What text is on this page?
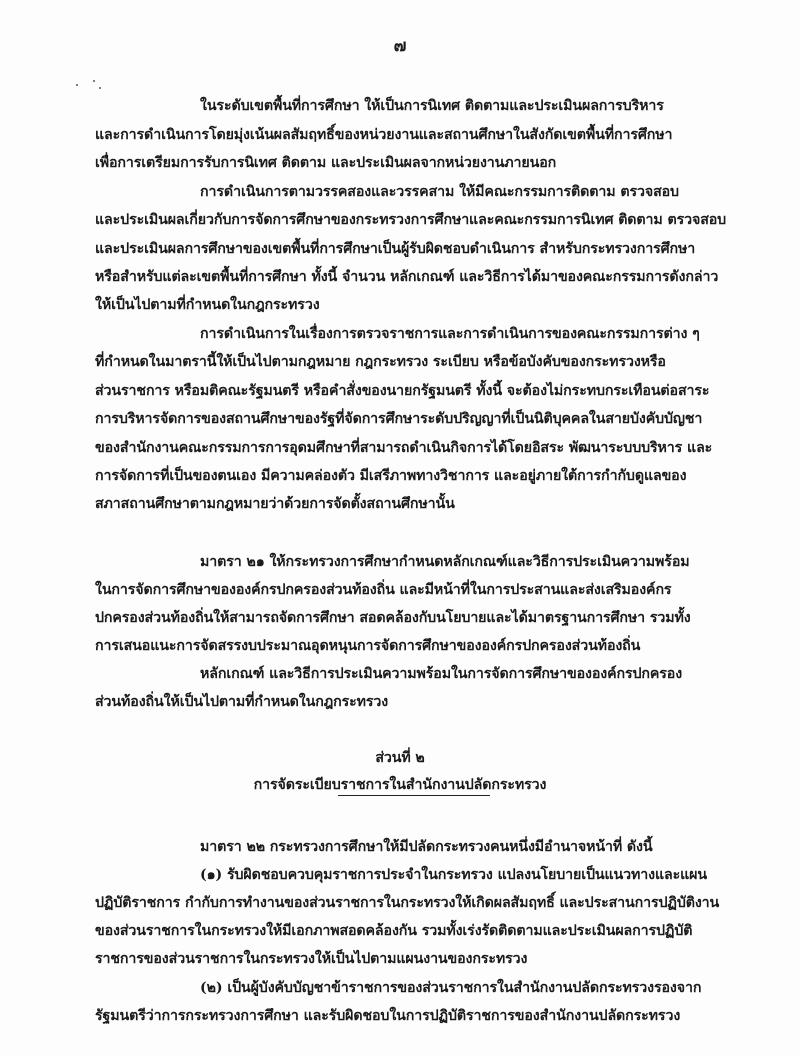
๗
ในระดับเขตพื้นที่การศึกษา ให้เป็นการนิเทศ ติดตามและประเมินผลการบริหาร
และการดำเนินการโดยมุ่งเน้นผลสัมฤทธิ์ของหน่วยงานและสถานศึกษาในสังกัดเขตพื้นที่การศึกษา
เพื่อการเตรียมการรับการนิเทศ ติดตาม และประเมินผลจากหน่วยงานภายนอก
การดำเนินการตามวรรคสองและวรรคสาม ให้มีคณะกรรมการติดตาม ตรวจสอบ
และประเมินผลเกี่ยวกับการจัดการศึกษาของกระทรวงการศึกษาและคณะกรรมการนิเทศ ติดตาม ตรวจสอบ
และประเมินผลการศึกษาของเขตพื้นที่การศึกษาเป็นผู้รับผิดชอบดำเนินการ สำหรับกระทรวงการศึกษา
หรือสำหรับแต่ละเขตพื้นที่การศึกษา ทั้งนี้ จำนวน หลักเกณฑ์ และวิธีการได้มาของคณะกรรมการดังกล่าว
ให้เป็นไปตามที่กำหนดในกฎกระทรวง
การดำเนินการในเรื่องการตรวจราชการและการดำเนินการของคณะกรรมการต่าง ๆ
ที่กำหนดในมาตรานี้ให้เป็นไปตามกฎหมาย กฎกระทรวง ระเบียบ หรือข้อบังคับของกระทรวงหรือ
ส่วนราชการ หรือมติคณะรัฐมนตรี หรือคำสั่งของนายกรัฐมนตรี ทั้งนี้ จะต้องไม่กระทบกระเทือนต่อสาระ
การบริหารจัดการของสถานศึกษาของรัฐที่จัดการศึกษาระดับปริญญาที่เป็นนิติบุคคลในสายบังคับบัญชา
ของสำนักงานคณะกรรมการการอุดมศึกษาที่สามารถดำเนินกิจการได้โดยอิสระ พัฒนาระบบบริหาร และ
การจัดการที่เป็นของตนเอง มีความคล่องตัว มีเสรีภาพทางวิชาการ และอยู่ภายใต้การกำกับดูแลของ
สภาสถานศึกษาตามกฎหมายว่าด้วยการจัดตั้งสถานศึกษานั้น
มาตรา ๒๑ ให้กระทรวงการศึกษากำหนดหลักเกณฑ์และวิธีการประเมินความพร้อม
ในการจัดการศึกษาขององค์กรปกครองส่วนท้องถิ่น และมีหน้าที่ในการประสานและส่งเสริมองค์กร
ปกครองส่วนท้องถิ่นให้สามารถจัดการศึกษา สอดคล้องกับนโยบายและได้มาตรฐานการศึกษา รวมทั้ง
การเสนอแนะการจัดสรรงบประมาณอุดหนุนการจัดการศึกษาขององค์กรปกครองส่วนท้องถิ่น
หลักเกณฑ์ และวิธีการประเมินความพร้อมในการจัดการศึกษาขององค์กรปกครอง
ส่วนท้องถิ่นให้เป็นไปตามที่กำหนดในกฎกระทรวง
ส่วนที่ ๒
การจัดระเบียบราชการในสำนักงานปลัดกระทรวง
มาตรา ๒๒ กระทรวงการศึกษาให้มีปลัดกระทรวงคนหนึ่งมีอำนาจหน้าที่ ดังนี้
(๑) รับผิดชอบควบคุมราชการประจำในกระทรวง แปลงนโยบายเป็นแนวทางและแผน
ปฏิบัติราชการ กำกับการทำงานของส่วนราชการในกระทรวงให้เกิดผลสัมฤทธิ์ และประสานการปฏิบัติงาน
ของส่วนราชการในกระทรวงให้มีเอกภาพสอดคล้องกัน รวมทั้งเร่งรัดติดตามและประเมินผลการปฏิบัติ
ราชการของส่วนราชการในกระทรวงให้เป็นไปตามแผนงานของกระทรวง
(๒) เป็นผู้บังคับบัญชาข้าราชการของส่วนราชการในสำนักงานปลัดกระทรวงรองจาก
รัฐมนตรีว่าการกระทรวงการศึกษา และรับผิดชอบในการปฏิบัติราชการของสำนักงานปลัดกระทรวง
